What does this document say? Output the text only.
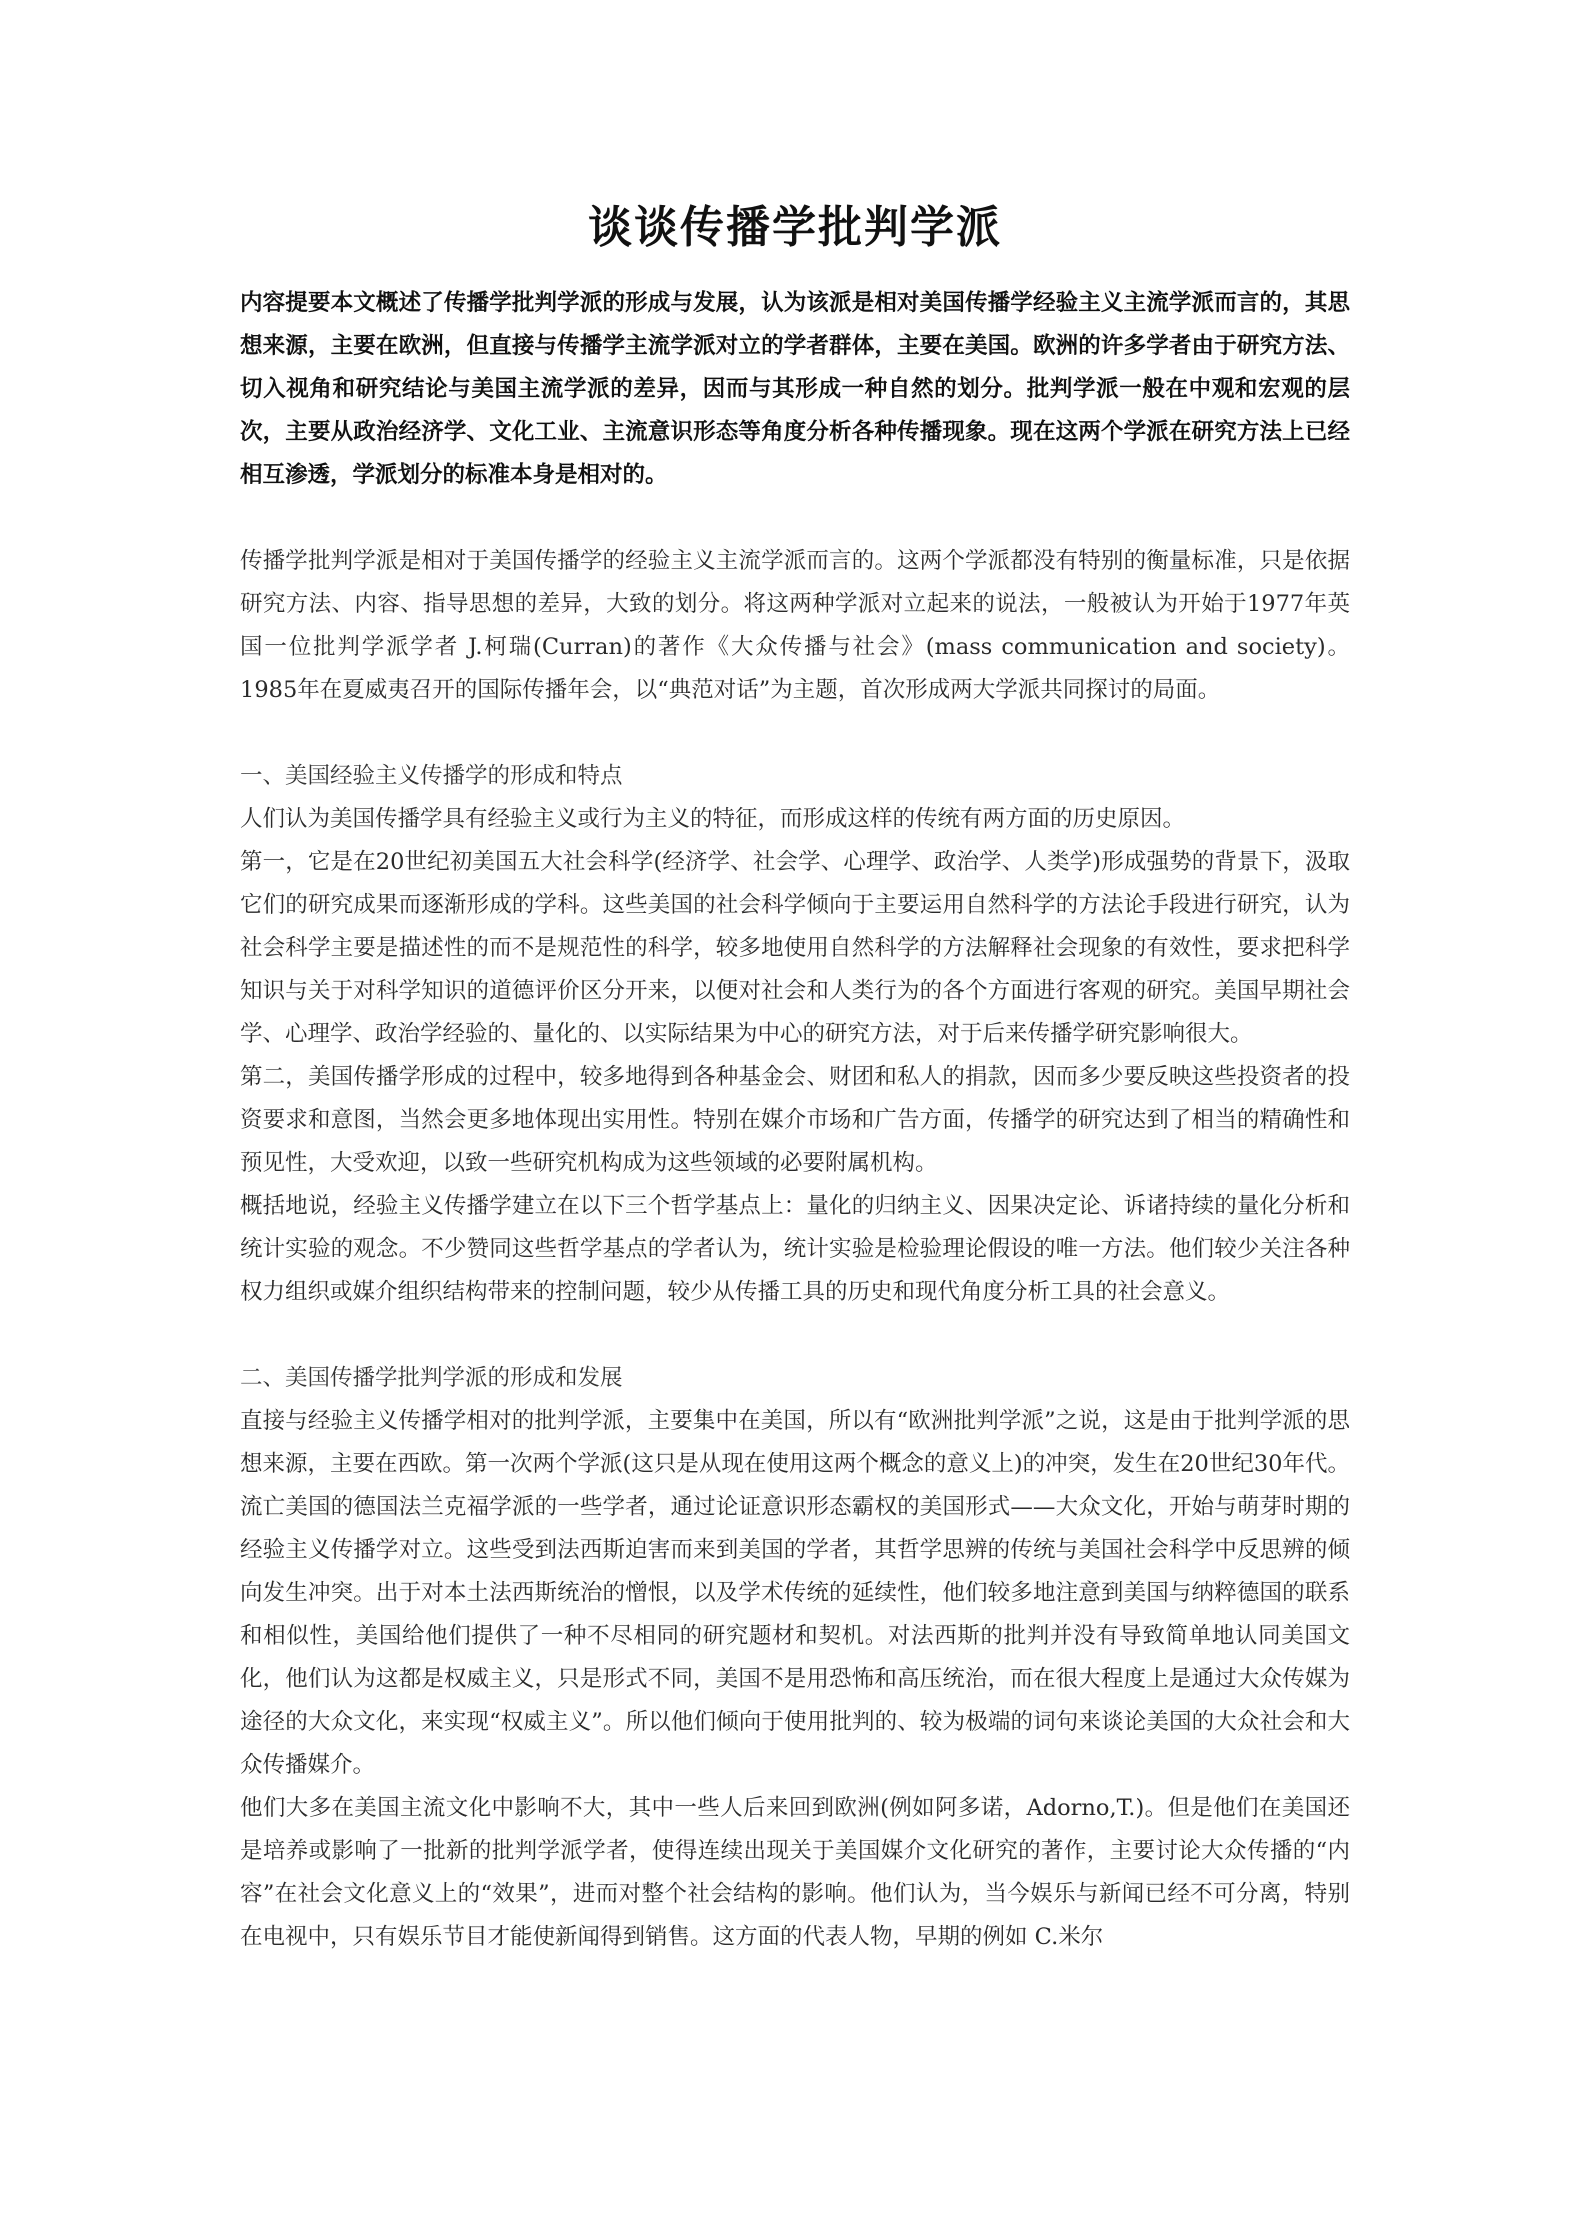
谈谈传播学批判学派

内容提要本文概述了传播学批判学派的形成与发展，认为该派是相对美国传播学经验主义主流学派而言的，其思想来源，主要在欧洲，但直接与传播学主流学派对立的学者群体，主要在美国。欧洲的许多学者由于研究方法、切入视角和研究结论与美国主流学派的差异，因而与其形成一种自然的划分。批判学派一般在中观和宏观的层次，主要从政治经济学、文化工业、主流意识形态等角度分析各种传播现象。现在这两个学派在研究方法上已经相互渗透，学派划分的标准本身是相对的。

传播学批判学派是相对于美国传播学的经验主义主流学派而言的。这两个学派都没有特别的衡量标准，只是依据研究方法、内容、指导思想的差异，大致的划分。将这两种学派对立起来的说法，一般被认为开始于1977年英国一位批判学派学者 J.柯瑞(Curran)的著作《大众传播与社会》(mass communication and society)。1985年在夏威夷召开的国际传播年会，以“典范对话”为主题，首次形成两大学派共同探讨的局面。

一、美国经验主义传播学的形成和特点

人们认为美国传播学具有经验主义或行为主义的特征，而形成这样的传统有两方面的历史原因。

第一，它是在20世纪初美国五大社会科学(经济学、社会学、心理学、政治学、人类学)形成强势的背景下，汲取它们的研究成果而逐渐形成的学科。这些美国的社会科学倾向于主要运用自然科学的方法论手段进行研究，认为社会科学主要是描述性的而不是规范性的科学，较多地使用自然科学的方法解释社会现象的有效性，要求把科学知识与关于对科学知识的道德评价区分开来，以便对社会和人类行为的各个方面进行客观的研究。美国早期社会学、心理学、政治学经验的、量化的、以实际结果为中心的研究方法，对于后来传播学研究影响很大。

第二，美国传播学形成的过程中，较多地得到各种基金会、财团和私人的捐款，因而多少要反映这些投资者的投资要求和意图，当然会更多地体现出实用性。特别在媒介市场和广告方面，传播学的研究达到了相当的精确性和预见性，大受欢迎，以致一些研究机构成为这些领域的必要附属机构。

概括地说，经验主义传播学建立在以下三个哲学基点上：量化的归纳主义、因果决定论、诉诸持续的量化分析和统计实验的观念。不少赞同这些哲学基点的学者认为，统计实验是检验理论假设的唯一方法。他们较少关注各种权力组织或媒介组织结构带来的控制问题，较少从传播工具的历史和现代角度分析工具的社会意义。

二、美国传播学批判学派的形成和发展

直接与经验主义传播学相对的批判学派，主要集中在美国，所以有“欧洲批判学派”之说，这是由于批判学派的思想来源，主要在西欧。第一次两个学派(这只是从现在使用这两个概念的意义上)的冲突，发生在20世纪30年代。流亡美国的德国法兰克福学派的一些学者，通过论证意识形态霸权的美国形式——大众文化，开始与萌芽时期的经验主义传播学对立。这些受到法西斯迫害而来到美国的学者，其哲学思辨的传统与美国社会科学中反思辨的倾向发生冲突。出于对本土法西斯统治的憎恨，以及学术传统的延续性，他们较多地注意到美国与纳粹德国的联系和相似性，美国给他们提供了一种不尽相同的研究题材和契机。对法西斯的批判并没有导致简单地认同美国文化，他们认为这都是权威主义，只是形式不同，美国不是用恐怖和高压统治，而在很大程度上是通过大众传媒为途径的大众文化，来实现“权威主义”。所以他们倾向于使用批判的、较为极端的词句来谈论美国的大众社会和大众传播媒介。

他们大多在美国主流文化中影响不大，其中一些人后来回到欧洲(例如阿多诺，Adorno,T.)。但是他们在美国还是培养或影响了一批新的批判学派学者，使得连续出现关于美国媒介文化研究的著作，主要讨论大众传播的“内容”在社会文化意义上的“效果”，进而对整个社会结构的影响。他们认为，当今娱乐与新闻已经不可分离，特别在电视中，只有娱乐节目才能使新闻得到销售。这方面的代表人物，早期的例如 C.米尔
